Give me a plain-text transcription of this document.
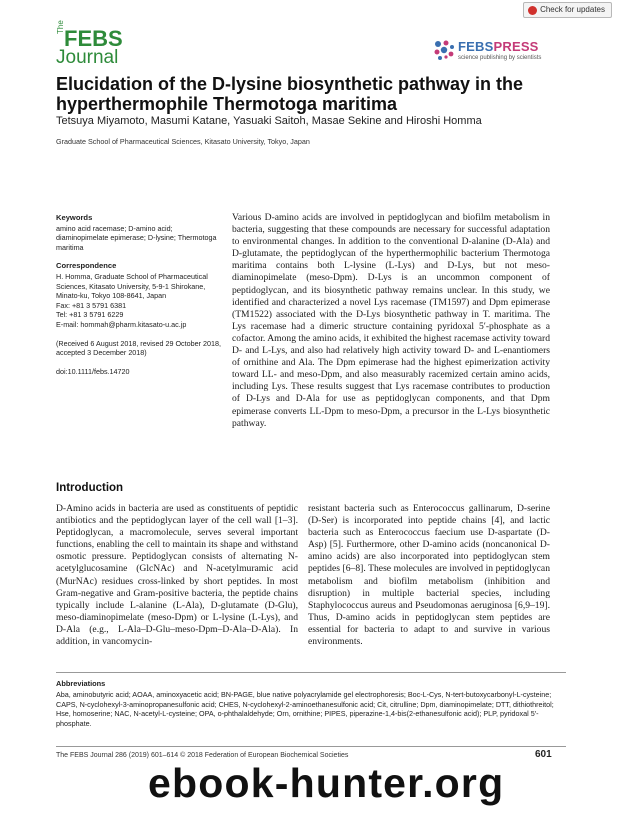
Check for updates
The FEBS
Journal
FEBSPRESS
science publishing by scientists
Elucidation of the D-lysine biosynthetic pathway in the hyperthermophile Thermotoga maritima
Tetsuya Miyamoto, Masumi Katane, Yasuaki Saitoh, Masae Sekine and Hiroshi Homma
Graduate School of Pharmaceutical Sciences, Kitasato University, Tokyo, Japan
Keywords
amino acid racemase; D-amino acid; diaminopimelate epimerase; D-lysine; Thermotoga maritima
Correspondence
H. Homma, Graduate School of Pharmaceutical Sciences, Kitasato University, 5-9-1 Shirokane, Minato-ku, Tokyo 108-8641, Japan
Fax: +81 3 5791 6381
Tel: +81 3 5791 6229
E-mail: hommah@pharm.kitasato-u.ac.jp
(Received 6 August 2018, revised 29 October 2018, accepted 3 December 2018)
doi:10.1111/febs.14720
Various D-amino acids are involved in peptidoglycan and biofilm metabolism in bacteria, suggesting that these compounds are necessary for successful adaptation to environmental changes. In addition to the conventional D-alanine (D-Ala) and D-glutamate, the peptidoglycan of the hyperthermophilic bacterium Thermotoga maritima contains both L-lysine (L-Lys) and D-Lys, but not meso-diaminopimelate (meso-Dpm). D-Lys is an uncommon component of peptidoglycan, and its biosynthetic pathway remains unclear. In this study, we identified and characterized a novel Lys racemase (TM1597) and Dpm epimerase (TM1522) associated with the D-Lys biosynthetic pathway in T. maritima. The Lys racemase had a dimeric structure containing pyridoxal 5′-phosphate as a cofactor. Among the amino acids, it exhibited the highest racemase activity toward D- and L-Lys, and also had relatively high activity toward D- and L-enantiomers of ornithine and Ala. The Dpm epimerase had the highest epimerization activity toward LL- and meso-Dpm, and also measurably racemized certain amino acids, including Lys. These results suggest that Lys racemase contributes to production of D-Lys and D-Ala for use as peptidoglycan components, and that Dpm epimerase converts LL-Dpm to meso-Dpm, a precursor in the L-Lys biosynthetic pathway.
Introduction
D-Amino acids in bacteria are used as constituents of peptidic antibiotics and the peptidoglycan layer of the cell wall [1–3]. Peptidoglycan, a macromolecule, serves several important functions, enabling the cell to maintain its shape and withstand osmotic pressure. Peptidoglycan consists of alternating N-acetylglucosamine (GlcNAc) and N-acetylmuramic acid (MurNAc) residues cross-linked by short peptides. In most Gram-negative and Gram-positive bacteria, the peptide chains typically include L-alanine (L-Ala), D-glutamate (D-Glu), meso-diaminopimelate (meso-Dpm) or L-lysine (L-Lys), and D-Ala (e.g., L-Ala–D-Glu–meso-Dpm–D-Ala–D-Ala). In addition, in vancomycin-
resistant bacteria such as Enterococcus gallinarum, D-serine (D-Ser) is incorporated into peptide chains [4], and lactic bacteria such as Enterococcus faecium use D-aspartate (D-Asp) [5]. Furthermore, other D-amino acids (noncanonical D-amino acids) are also incorporated into peptidoglycan stem peptides [6–8]. These molecules are involved in peptidoglycan metabolism and biofilm metabolism (inhibition and disruption) in multiple bacterial species, including Staphylococcus aureus and Pseudomonas aeruginosa [6,9–19]. Thus, D-amino acids in peptidoglycan stem peptides are essential for bacteria to adapt to and survive in various environments.
Abbreviations
Aba, aminobutyric acid; AOAA, aminoxyacetic acid; BN-PAGE, blue native polyacrylamide gel electrophoresis; Boc-L-Cys, N-tert-butoxycarbonyl-L-cysteine; CAPS, N-cyclohexyl-3-aminopropanesulfonic acid; CHES, N-cyclohexyl-2-aminoethanesulfonic acid; Cit, citrulline; Dpm, diaminopimelate; DTT, dithiothreitol; Hse, homoserine; NAC, N-acetyl-L-cysteine; OPA, o-phthalaldehyde; Orn, ornithine; PIPES, piperazine-1,4-bis(2-ethanesulfonic acid); PLP, pyridoxal 5′-phosphate.
The FEBS Journal 286 (2019) 601–614 © 2018 Federation of European Biochemical Societies	601
ebook-hunter.org
